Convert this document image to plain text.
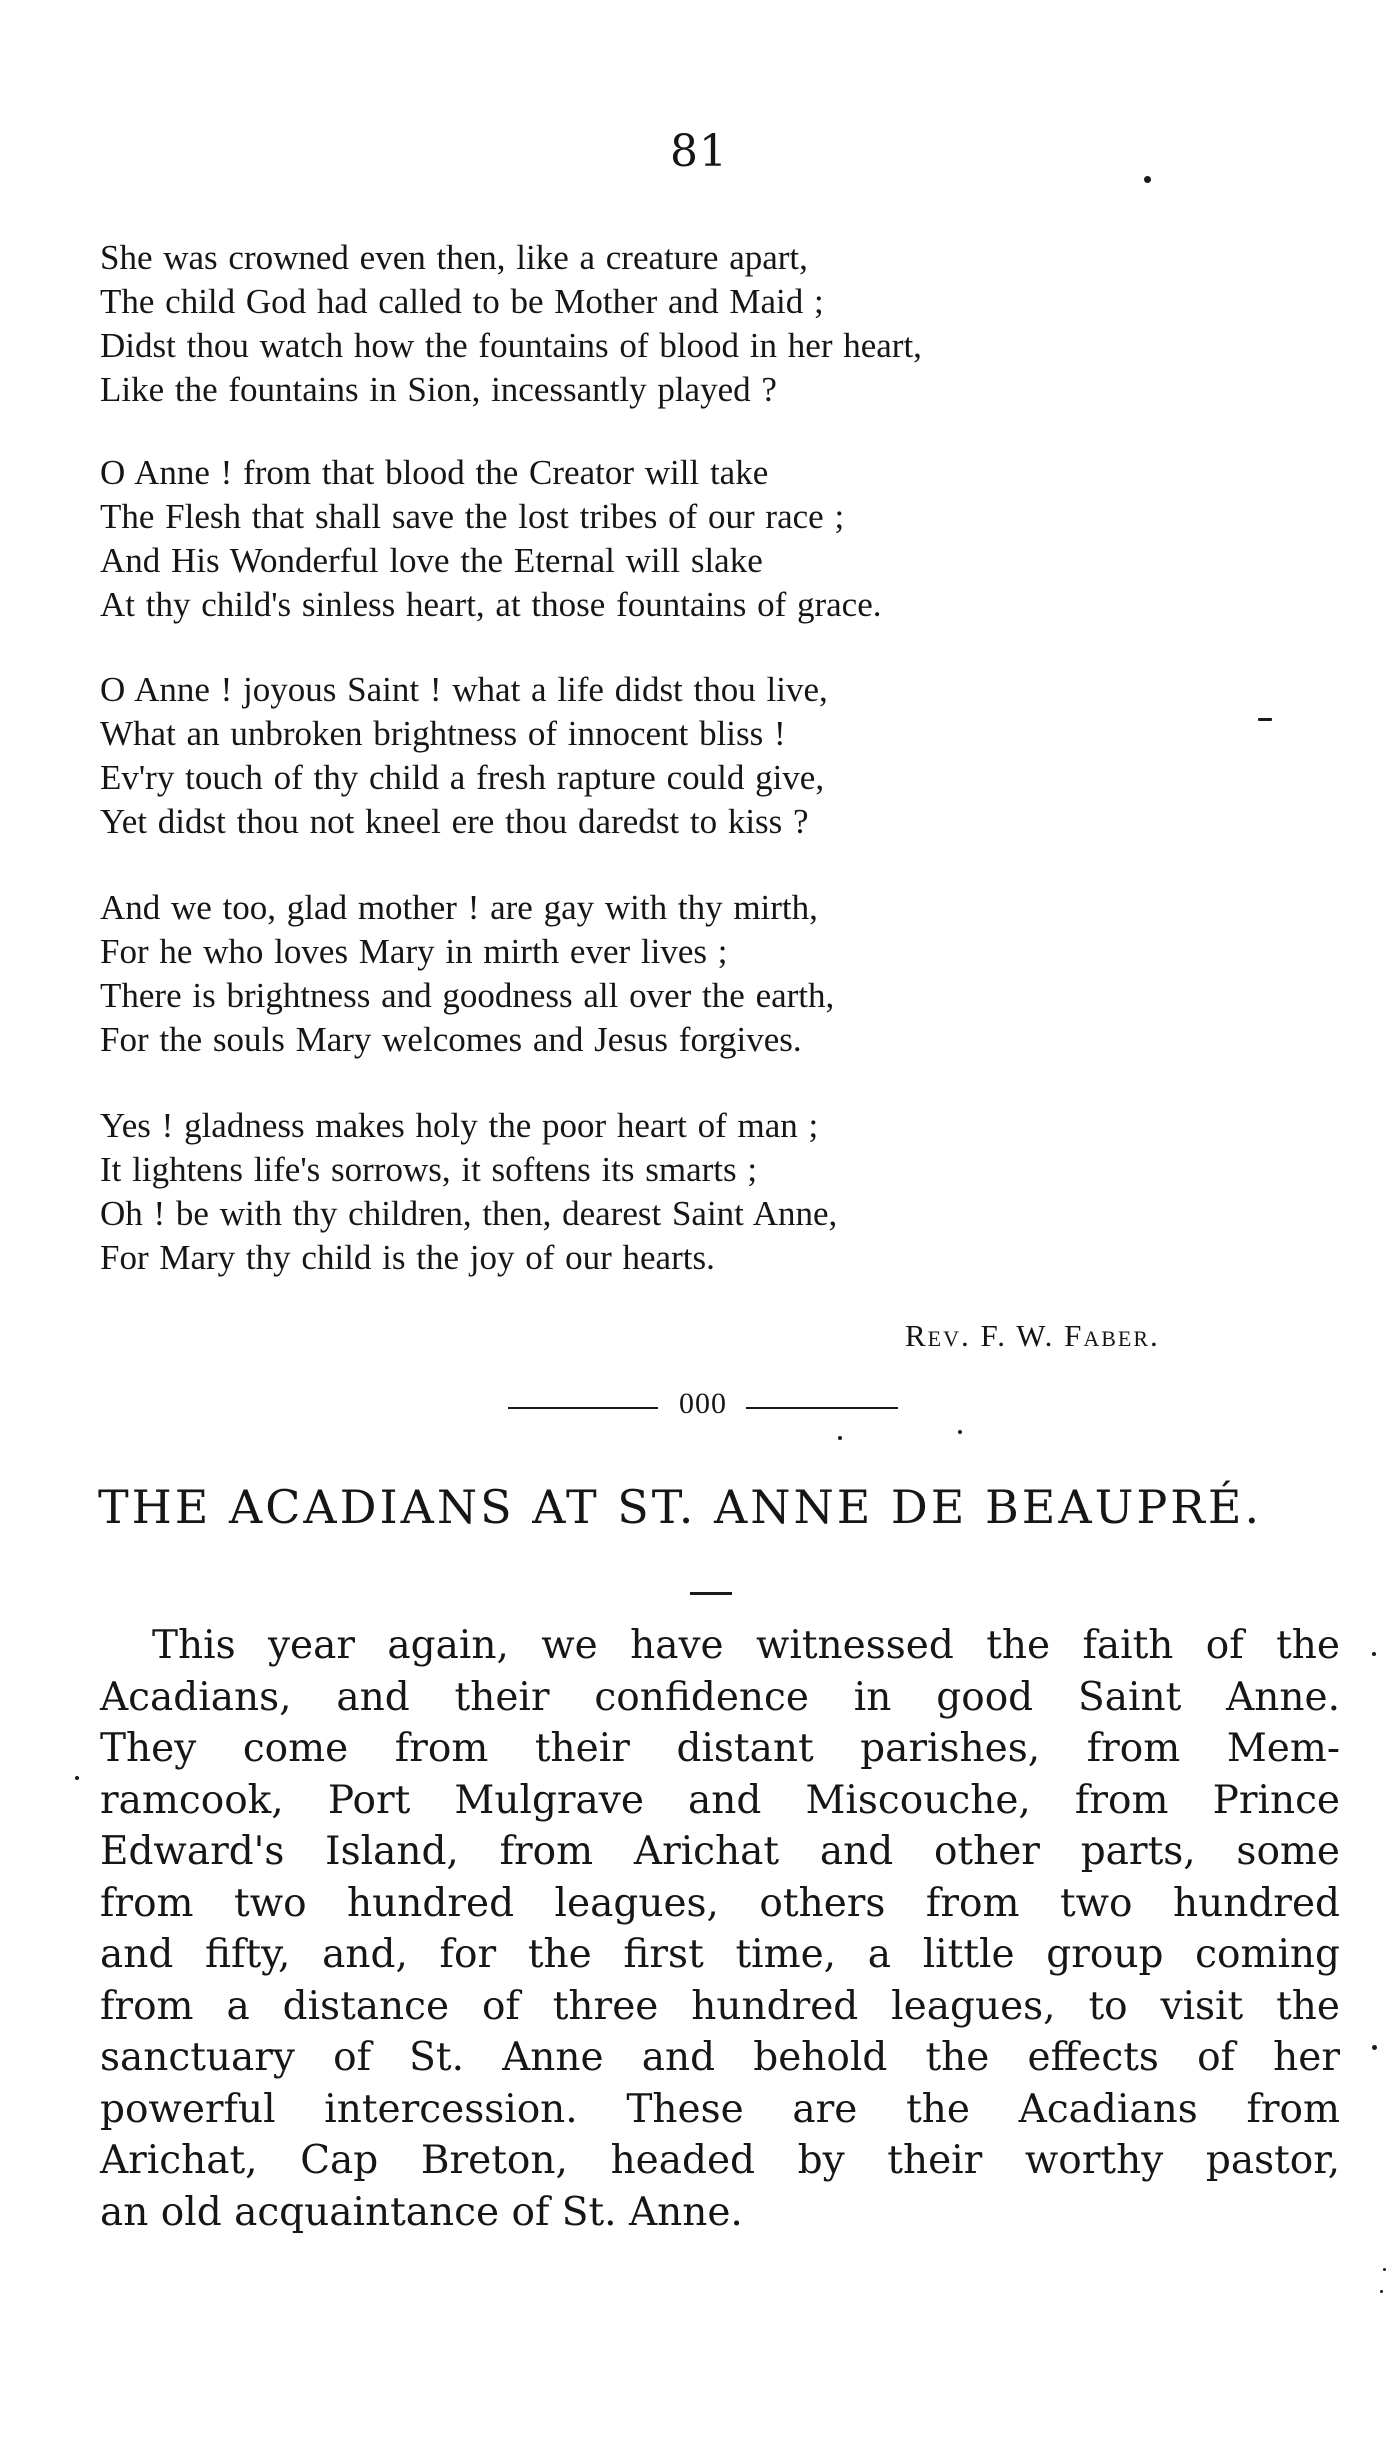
81
She was crowned even then, like a creature apart,
The child God had called to be Mother and Maid ;
Didst thou watch how the fountains of blood in her heart,
Like the fountains in Sion, incessantly played ?
O Anne ! from that blood the Creator will take
The Flesh that shall save the lost tribes of our race ;
And His Wonderful love the Eternal will slake
At thy child's sinless heart, at those fountains of grace.
O Anne ! joyous Saint ! what a life didst thou live,
What an unbroken brightness of innocent bliss !
Ev'ry touch of thy child a fresh rapture could give,
Yet didst thou not kneel ere thou daredst to kiss ?
And we too, glad mother ! are gay with thy mirth,
For he who loves Mary in mirth ever lives ;
There is brightness and goodness all over the earth,
For the souls Mary welcomes and Jesus forgives.
Yes ! gladness makes holy the poor heart of man ;
It lightens life's sorrows, it softens its smarts ;
Oh ! be with thy children, then, dearest Saint Anne,
For Mary thy child is the joy of our hearts.
Rev. F. W. Faber.
000
THE ACADIANS AT ST. ANNE DE BEAUPRÉ.
This year again, we have witnessed the faith of the
Acadians, and their confidence in good Saint Anne.
They come from their distant parishes, from Mem-
ramcook, Port Mulgrave and Miscouche, from Prince
Edward's Island, from Arichat and other parts, some
from two hundred leagues, others from two hundred
and fifty, and, for the first time, a little group coming
from a distance of three hundred leagues, to visit the
sanctuary of St. Anne and behold the effects of her
powerful intercession. These are the Acadians from
Arichat, Cap Breton, headed by their worthy pastor,
an old acquaintance of St. Anne.
